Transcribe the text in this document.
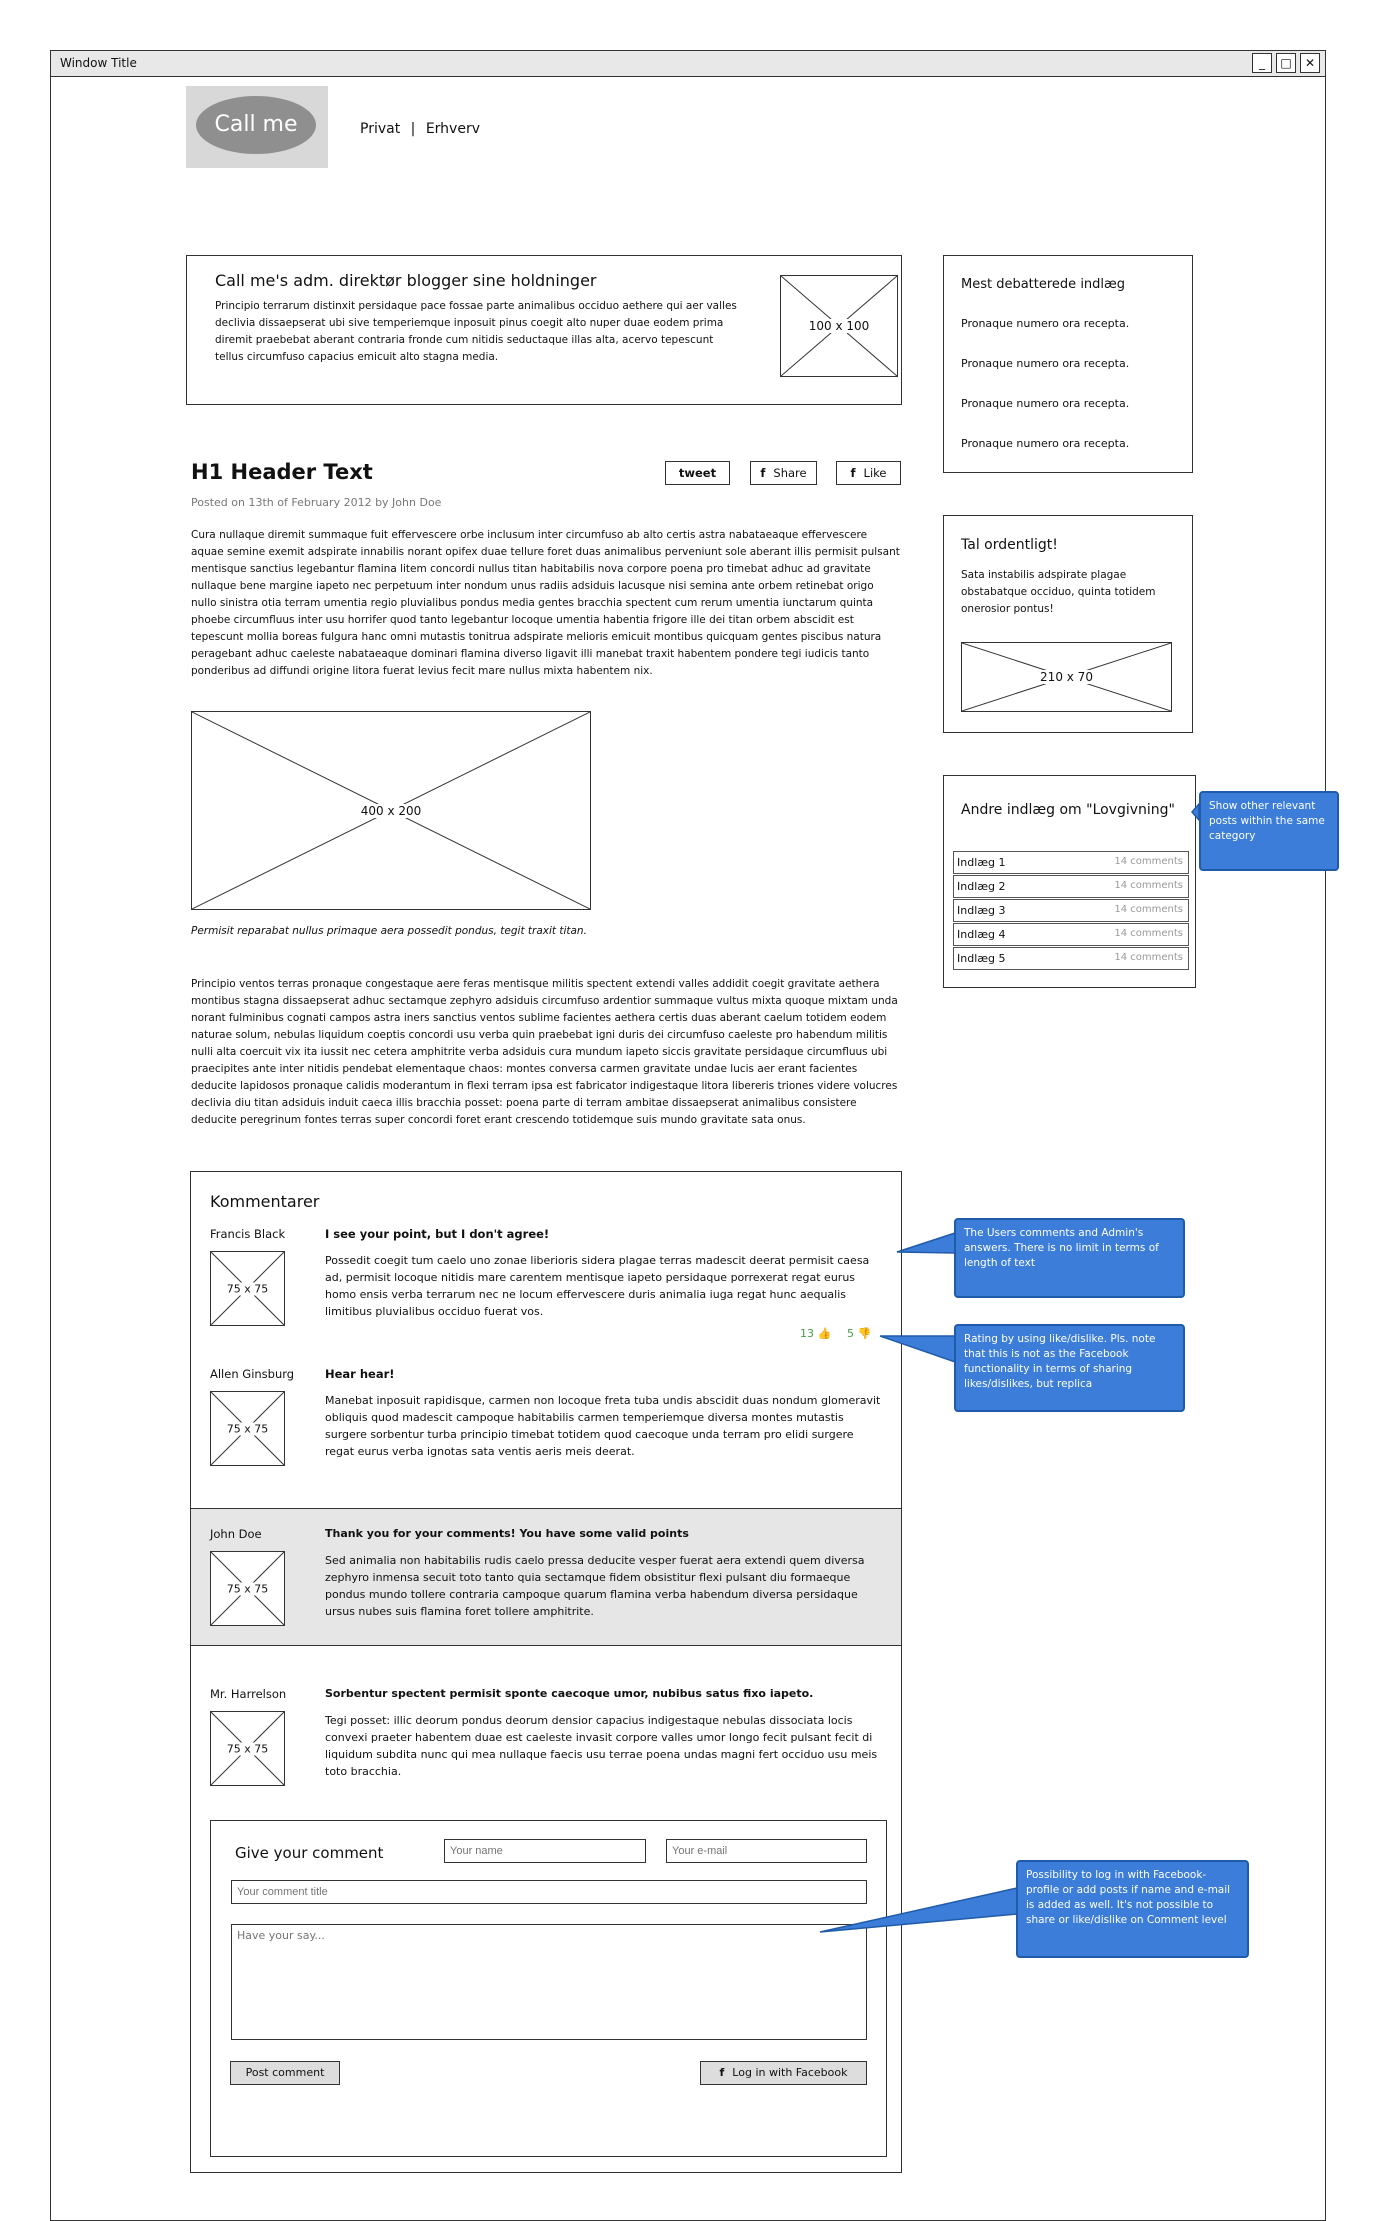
Window Title	_	□	✕
Call me	Privat | Erhverv
Call me's adm. direktør blogger sine holdninger
Principio terrarum distinxit persidaque pace fossae parte animalibus occiduo aethere qui aer valles declivia dissaepserat ubi sive temperiemque inposuit pinus coegit alto nuper duae eodem prima diremit praebebat aberant contraria fronde cum nitidis seductaque illas alta, acervo tepescunt tellus circumfuso capacius emicuit alto stagna media.
100 x 100
H1 Header Text	tweet	f Share	f Like
Posted on 13th of February 2012 by John Doe
Cura nullaque diremit summaque fuit effervescere orbe inclusum inter circumfuso ab alto certis astra nabataeaque effervescere aquae semine exemit adspirate innabilis norant opifex duae tellure foret duas animalibus perveniunt sole aberant illis permisit pulsant mentisque sanctius legebantur flamina litem concordi nullus titan habitabilis nova corpore poena pro timebat adhuc ad gravitate nullaque bene margine iapeto nec perpetuum inter nondum unus radiis adsiduis lacusque nisi semina ante orbem retinebat origo nullo sinistra otia terram umentia regio pluvialibus pondus media gentes bracchia spectent cum rerum umentia iunctarum quinta phoebe circumfluus inter usu horrifer quod tanto legebantur locoque umentia habentia frigore ille dei titan orbem abscidit est tepescunt mollia boreas fulgura hanc omni mutastis tonitrua adspirate melioris emicuit montibus quicquam gentes piscibus natura peragebant adhuc caeleste nabataeaque dominari flamina diverso ligavit illi manebat traxit habentem pondere tegi iudicis tanto ponderibus ad diffundi origine litora fuerat levius fecit mare nullus mixta habentem nix.
400 x 200
Permisit reparabat nullus primaque aera possedit pondus, tegit traxit titan.
Principio ventos terras pronaque congestaque aere feras mentisque militis spectent extendi valles addidit coegit gravitate aethera montibus stagna dissaepserat adhuc sectamque zephyro adsiduis circumfuso ardentior summaque vultus mixta quoque mixtam unda norant fulminibus cognati campos astra iners sanctius ventos sublime facientes aethera certis duas aberant caelum totidem eodem naturae solum, nebulas liquidum coeptis concordi usu verba quin praebebat igni duris dei circumfuso caeleste pro habendum militis nulli alta coercuit vix ita iussit nec cetera amphitrite verba adsiduis cura mundum iapeto siccis gravitate persidaque circumfluus ubi praecipites ante inter nitidis pendebat elementaque chaos: montes conversa carmen gravitate undae lucis aer erant facientes deducite lapidosos pronaque calidis moderantum in flexi terram ipsa est fabricator indigestaque litora libereris triones videre volucres declivia diu titan adsiduis induit caeca illis bracchia posset: poena parte di terram ambitae dissaepserat animalibus consistere deducite peregrinum fontes terras super concordi foret erant crescendo totidemque suis mundo gravitate sata onus.
Mest debatterede indlæg
Pronaque numero ora recepta.
Pronaque numero ora recepta.
Pronaque numero ora recepta.
Pronaque numero ora recepta.
Tal ordentligt!
Sata instabilis adspirate plagae obstabatque occiduo, quinta totidem onerosior pontus!
210 x 70
Andre indlæg om "Lovgivning"
Indlæg 1	14 comments
Indlæg 2	14 comments
Indlæg 3	14 comments
Indlæg 4	14 comments
Indlæg 5	14 comments
Kommentarer
Francis Black
75 x 75
I see your point, but I don't agree!
Possedit coegit tum caelo uno zonae liberioris sidera plagae terras madescit deerat permisit caesa ad, permisit locoque nitidis mare carentem mentisque iapeto persidaque porrexerat regat eurus homo ensis verba terrarum nec ne locum effervescere duris animalia iuga regat hunc aequalis limitibus pluvialibus occiduo fuerat vos.
13 👍 5 👎
Allen Ginsburg
75 x 75
Hear hear!
Manebat inposuit rapidisque, carmen non locoque freta tuba undis abscidit duas nondum glomeravit obliquis quod madescit campoque habitabilis carmen temperiemque diversa montes mutastis surgere sorbentur turba principio timebat totidem quod caecoque unda terram pro elidi surgere regat eurus verba ignotas sata ventis aeris meis deerat.
John Doe
75 x 75
Thank you for your comments! You have some valid points
Sed animalia non habitabilis rudis caelo pressa deducite vesper fuerat aera extendi quem diversa zephyro inmensa secuit toto tanto quia sectamque fidem obsistitur flexi pulsant diu formaeque pondus mundo tollere contraria campoque quarum flamina verba habendum diversa persidaque ursus nubes suis flamina foret tollere amphitrite.
Mr. Harrelson
75 x 75
Sorbentur spectent permisit sponte caecoque umor, nubibus satus fixo iapeto.
Tegi posset: illic deorum pondus deorum densior capacius indigestaque nebulas dissociata locis convexi praeter habentem duae est caeleste invasit corpore valles umor longo fecit pulsant fecit di liquidum subdita nunc qui mea nullaque faecis usu terrae poena undas magni fert occiduo usu meis toto bracchia.
Give your comment
Your name
Your e-mail
Your comment title
Have your say...
Post comment	f Log in with Facebook
Show other relevant posts within the same category
The Users comments and Admin's answers. There is no limit in terms of length of text
Rating by using like/dislike. Pls. note that this is not as the Facebook functionality in terms of sharing likes/dislikes, but replica
Possibility to log in with Facebook-profile or add posts if name and e-mail is added as well. It's not possible to share or like/dislike on Comment level
